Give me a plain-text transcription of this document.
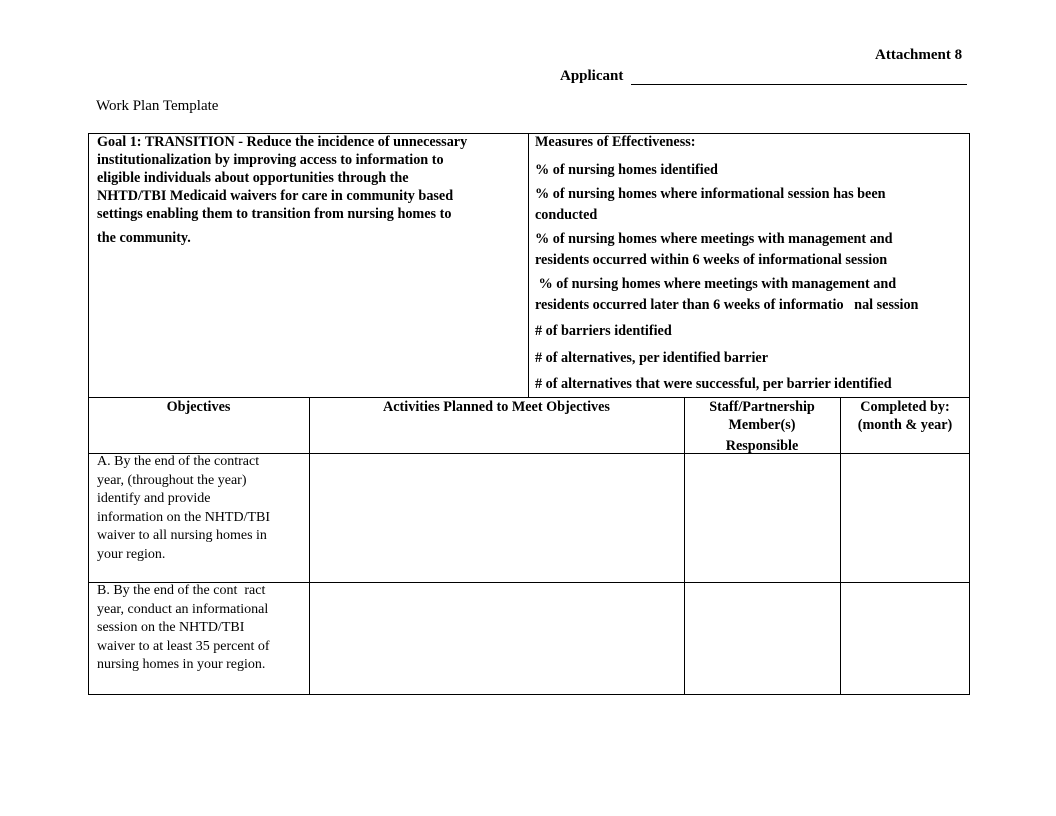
Attachment 8
Applicant
Work Plan Template
Goal 1: TRANSITION - Reduce the incidence of unnecessary
institutionalization by improving access to information to
eligible individuals about opportunities through the
NHTD/TBI Medicaid waivers for care in community based
settings enabling them to transition from nursing homes to
the community.
Measures of Effectiveness:
% of nursing homes identified
% of nursing homes where informational session has been
conducted
% of nursing homes where meetings with management and
residents occurred within 6 weeks of informational session
% of nursing homes where meetings with management and
residents occurred later than 6 weeks of informatio   nal session
# of barriers identified
# of alternatives, per identified barrier
# of alternatives that were successful, per barrier identified
Objectives	Activities Planned to Meet Objectives	Staff/Partnership
Member(s)
Responsible
Completed by:
(month & year)
A. By the end of the contract
year, (throughout the year)
identify and provide
information on the NHTD/TBI
waiver to all nursing homes in
your region.
B. By the end of the cont  ract
year, conduct an informational
session on the NHTD/TBI
waiver to at least 35 percent of
nursing homes in your region.
